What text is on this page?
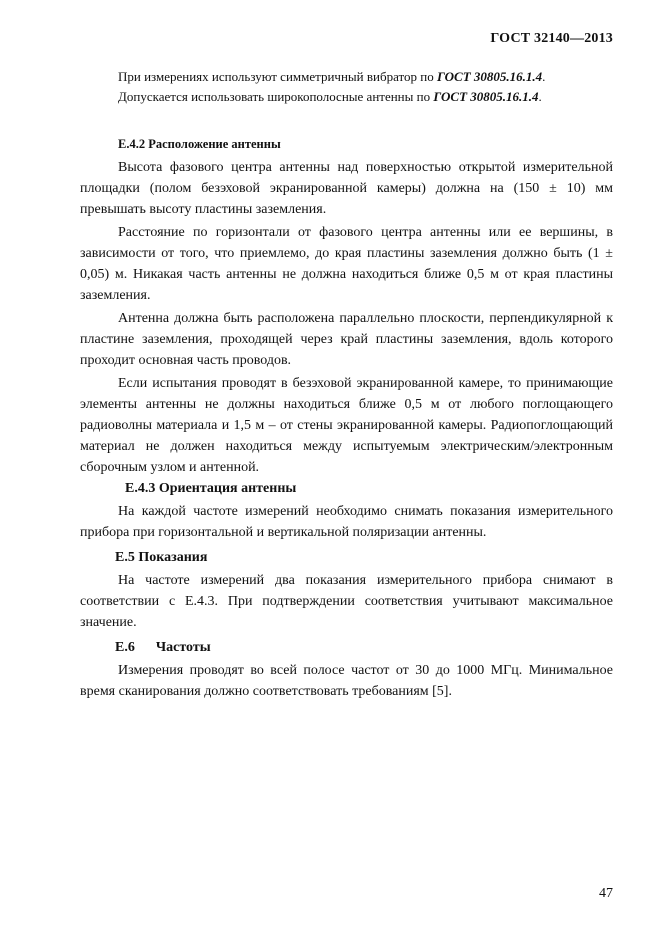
ГОСТ 32140—2013

При измерениях используют симметричный вибратор по ГОСТ 30805.16.1.4.

Допускается использовать широкополосные антенны по ГОСТ 30805.16.1.4.

Е.4.2 Расположение антенны

Высота фазового центра антенны над поверхностью открытой измерительной площадки (полом безэховой экранированной камеры) должна на (150 ± 10) мм превышать высоту пластины заземления.

Расстояние по горизонтали от фазового центра антенны или ее вершины, в зависимости от того, что приемлемо, до края пластины заземления должно быть (1 ± 0,05) м. Никакая часть антенны не должна находиться ближе 0,5 м от края пластины заземления.

Антенна должна быть расположена параллельно плоскости, перпендикулярной к пластине заземления, проходящей через край пластины заземления, вдоль которого проходит основная часть проводов.

Если испытания проводят в безэховой экранированной камере, то принимающие элементы антенны не должны находиться ближе 0,5 м от любого поглощающего радиоволны материала и 1,5 м – от стены экранированной камеры. Радиопоглощающий материал не должен находиться между испытуемым электрическим/электронным сборочным узлом и антенной.

Е.4.3 Ориентация антенны

На каждой частоте измерений необходимо снимать показания измерительного прибора при горизонтальной и вертикальной поляризации антенны.

Е.5 Показания

На частоте измерений два показания измерительного прибора снимают в соответствии с Е.4.3. При подтверждении соответствия учитывают максимальное значение.

Е.6      Частоты

Измерения проводят во всей полосе частот от 30 до 1000 МГц. Минимальное время сканирования должно соответствовать требованиям [5].

47
